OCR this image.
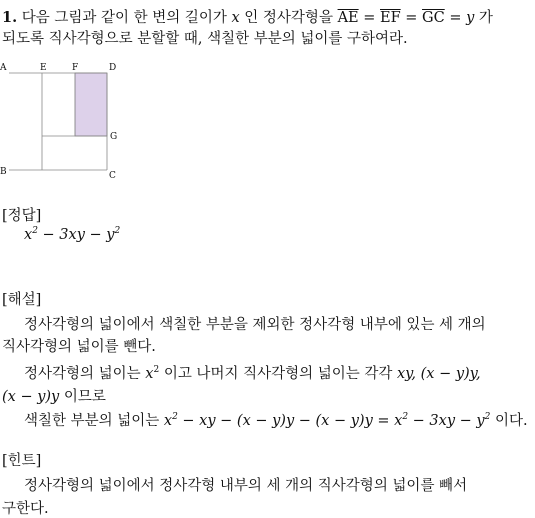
1. 다음 그림과 같이 한 변의 길이가 x 인 정사각형을 $\overline{AE} = \overline{EF} = \overline{GC} = y$ 가
되도록 직사각형으로 분할할 때, 색칠한 부분의 넓이를 구하여라.
A	E	F	D
G
B	C
[정답]
$x^2 - 3xy - y^2$
[해설]
정사각형의 넓이에서 색칠한 부분을 제외한 정사각형 내부에 있는 세 개의
직사각형의 넓이를 뺀다.
정사각형의 넓이는 $x^2$ 이고 나머지 직사각형의 넓이는 각각 xy, (x − y)y,
(x − y)y 이므로
색칠한 부분의 넓이는 $x^2$ − xy − $(x - y)y - (x - y)y = x^2 - 3xy - y^2$ 이다.
[힌트]
정사각형의 넓이에서 정사각형 내부의 세 개의 직사각형의 넓이를 빼서
구한다.
